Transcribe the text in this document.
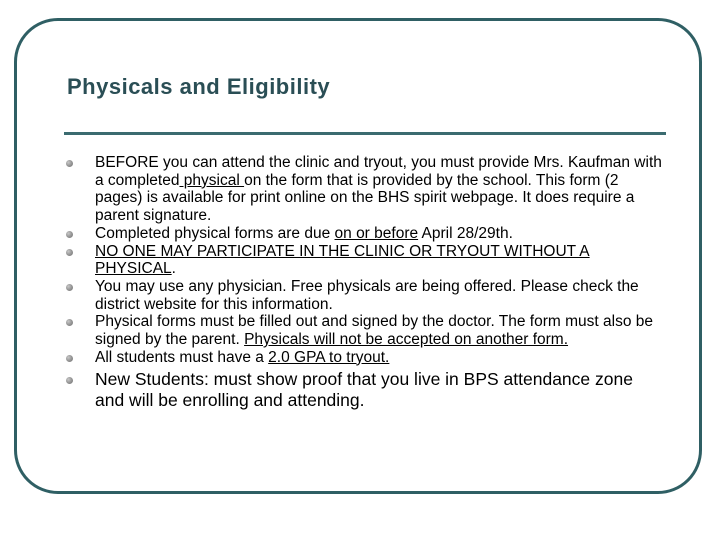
Physicals and Eligibility
BEFORE you can attend the clinic and tryout, you must provide Mrs. Kaufman with a completed physical on the form that is provided by the school. This form (2 pages) is available for print online on the BHS spirit webpage. It does require a parent signature.
Completed physical forms are due on or before April 28/29th.
NO ONE MAY PARTICIPATE IN THE CLINIC OR TRYOUT WITHOUT A PHYSICAL.
You may use any physician. Free physicals are being offered. Please check the district website for this information.
Physical forms must be filled out and signed by the doctor. The form must also be signed by the parent. Physicals will not be accepted on another form.
All students must have a 2.0 GPA to tryout.
New Students: must show proof that you live in BPS attendance zone and will be enrolling and attending.
